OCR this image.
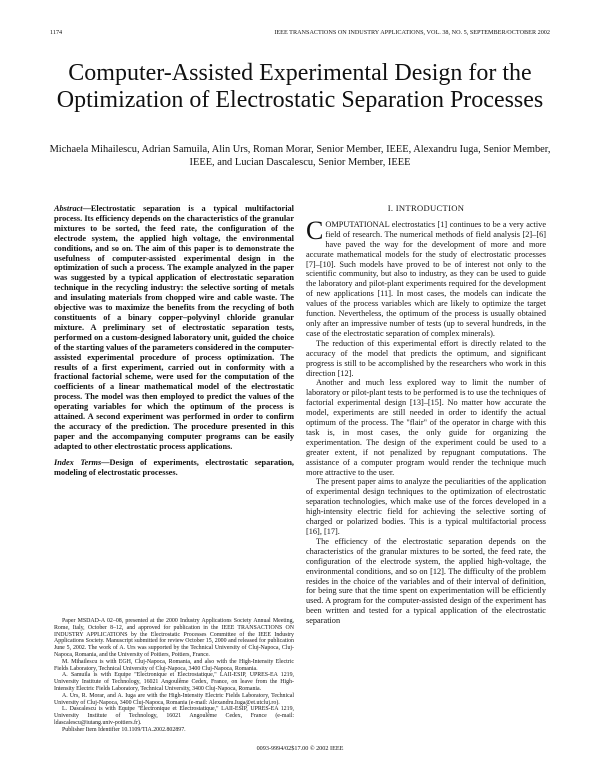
1174	IEEE TRANSACTIONS ON INDUSTRY APPLICATIONS, VOL. 38, NO. 5, SEPTEMBER/OCTOBER 2002
Computer-Assisted Experimental Design for the Optimization of Electrostatic Separation Processes
Michaela Mihailescu, Adrian Samuila, Alin Urs, Roman Morar, Senior Member, IEEE, Alexandru Iuga, Senior Member, IEEE, and Lucian Dascalescu, Senior Member, IEEE
Abstract—Electrostatic separation is a typical multifactorial process. Its efficiency depends on the characteristics of the granular mixtures to be sorted, the feed rate, the configuration of the electrode system, the applied high voltage, the environmental conditions, and so on. The aim of this paper is to demonstrate the usefulness of computer-assisted experimental design in the optimization of such a process. The example analyzed in the paper was suggested by a typical application of electrostatic separation technique in the recycling industry: the selective sorting of metals and insulating materials from chopped wire and cable waste. The objective was to maximize the benefits from the recycling of both constituents of a binary copper–polyvinyl chloride granular mixture. A preliminary set of electrostatic separation tests, performed on a custom-designed laboratory unit, guided the choice of the starting values of the parameters considered in the computer-assisted experimental procedure of process optimization. The results of a first experiment, carried out in conformity with a fractional factorial scheme, were used for the computation of the coefficients of a linear mathematical model of the electrostatic process. The model was then employed to predict the values of the operating variables for which the optimum of the process is attained. A second experiment was performed in order to confirm the accuracy of the prediction. The procedure presented in this paper and the accompanying computer programs can be easily adapted to other electrostatic process applications.
Index Terms—Design of experiments, electrostatic separation, modeling of electrostatic processes.

Paper MSDAD-A 02–08, presented at the 2000 Industry Applications Society Annual Meeting, Rome, Italy, October 8–12, and approved for publication in the IEEE TRANSACTIONS ON INDUSTRY APPLICATIONS by the Electrostatic Processes Committee of the IEEE Industry Applications Society. Manuscript submitted for review October 15, 2000 and released for publication June 5, 2002. The work of A. Urs was supported by the Technical University of Cluj-Napoca, Cluj-Napoca, Romania, and the University of Poitiers, Poitiers, France.

M. Mihailescu is with EGH, Cluj-Napoca, Romania, and also with the High-Intensity Electric Fields Laboratory, Technical University of Cluj-Napoca, 3400 Cluj-Napoca, Romania.

A. Samuila is with Equipe "Electronique et Electrostatique," LAII-ESIP, UPRES-EA 1219, University Institute of Technology, 16021 Angoulême Cedex, France, on leave from the High-Intensity Electric Fields Laboratory, Technical University, 3400 Cluj-Napoca, Romania.

A. Urs, R. Morar, and A. Iuga are with the High-Intensity Electric Fields Laboratory, Technical University of Cluj-Napoca, 3400 Cluj-Napoca, Romania (e-mail: Alexandru.Iuga@et.utcluj.ro).

L. Dascalescu is with Equipe "Electronique et Electrostatique," LAII-ESIP, UPRES-EA 1219, University Institute of Technology, 16021 Angoulême Cedex, France (e-mail: ldascalescu@iutang.univ-poitiers.fr).

Publisher Item Identifier 10.1109/TIA.2002.802897.

I. INTRODUCTION

COMPUTATIONAL electrostatics [1] continues to be a very active field of research. The numerical methods of field analysis [2]–[6] have paved the way for the development of more and more accurate mathematical models for the study of electrostatic processes [7]–[10]. Such models have proved to be of interest not only to the scientific community, but also to industry, as they can be used to guide the laboratory and pilot-plant experiments required for the development of new applications [11]. In most cases, the models can indicate the values of the process variables which are likely to optimize the target function. Nevertheless, the optimum of the process is usually obtained only after an impressive number of tests (up to several hundreds, in the case of the electrostatic separation of complex minerals).

The reduction of this experimental effort is directly related to the accuracy of the model that predicts the optimum, and significant progress is still to be accomplished by the researchers who work in this direction [12].

Another and much less explored way to limit the number of laboratory or pilot-plant tests to be performed is to use the techniques of factorial experimental design [13]–[15]. No matter how accurate the model, experiments are still needed in order to identify the actual optimum of the process. The "flair" of the operator in charge with this task is, in most cases, the only guide for organizing the experimentation. The design of the experiment could be used to a greater extent, if not penalized by repugnant computations. The assistance of a computer program would render the technique much more attractive to the user.

The present paper aims to analyze the peculiarities of the application of experimental design techniques to the optimization of electrostatic separation technologies, which make use of the forces developed in a high-intensity electric field for achieving the selective sorting of charged or polarized bodies. This is a typical multifactorial process [16], [17].

The efficiency of the electrostatic separation depends on the characteristics of the granular mixtures to be sorted, the feed rate, the configuration of the electrode system, the applied high-voltage, the environmental conditions, and so on [12]. The difficulty of the problem resides in the choice of the variables and of their interval of definition, for being sure that the time spent on experimentation will be efficiently used. A program for the computer-assisted design of the experiment has been written and tested for a typical application of the electrostatic separation

0093-9994/02$17.00 © 2002 IEEE
